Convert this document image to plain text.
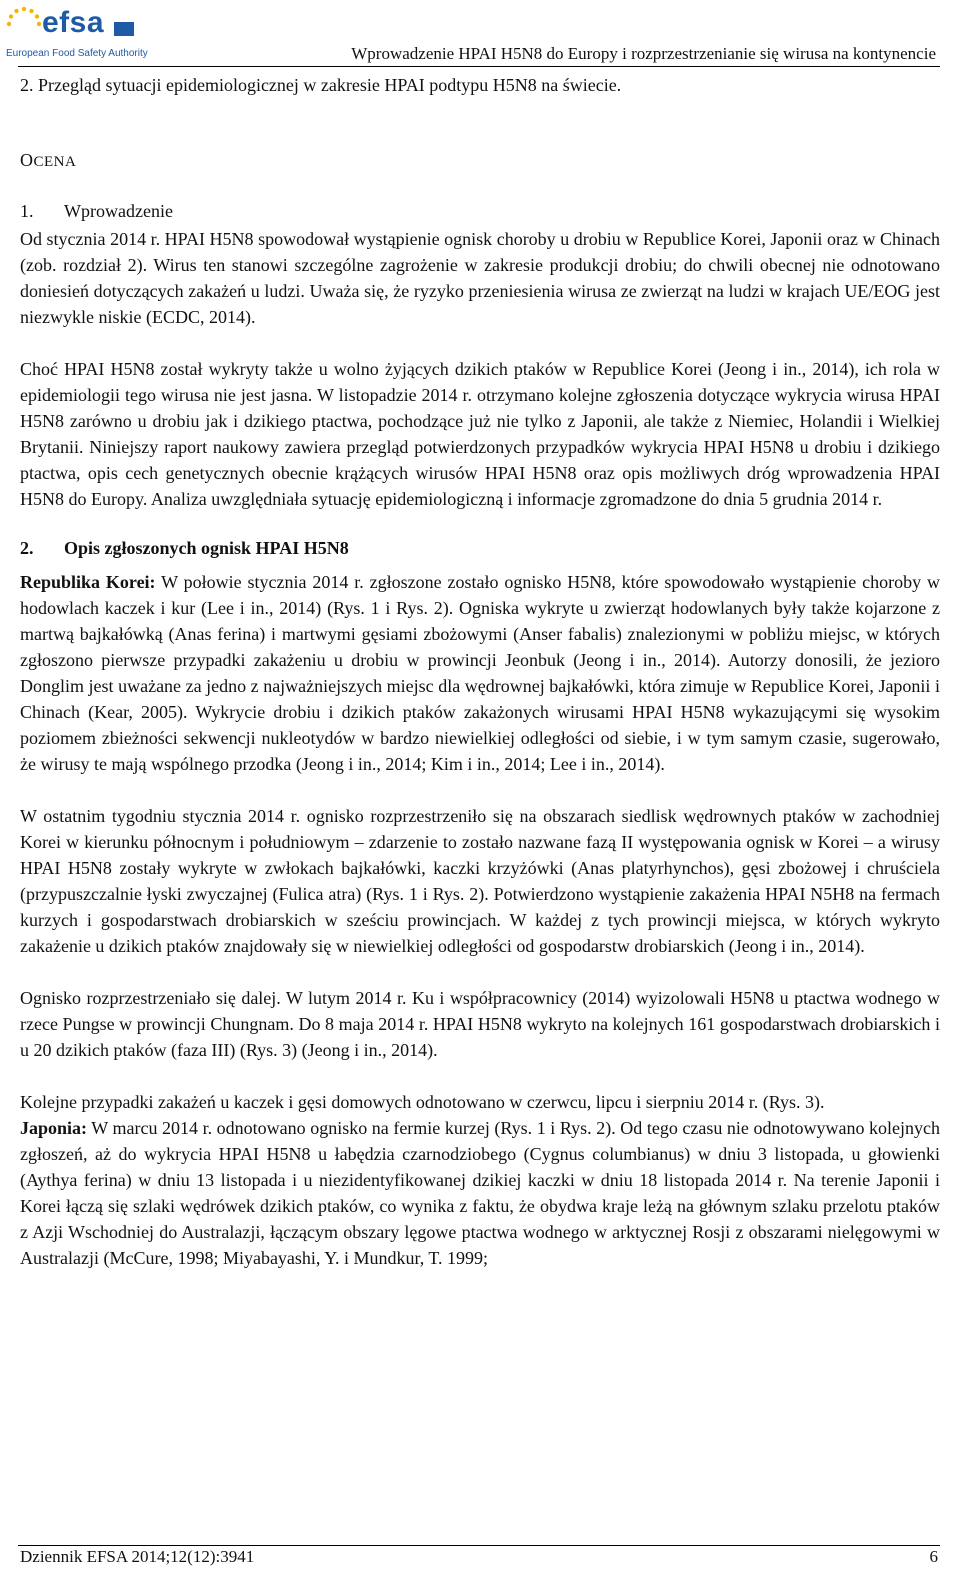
efsa
European Food Safety Authority	Wprowadzenie HPAI H5N8 do Europy i rozprzestrzenianie się wirusa na kontynencie

2. Przegląd sytuacji epidemiologicznej w zakresie HPAI podtypu H5N8 na świecie.

OCENA

1. Wprowadzenie

Od stycznia 2014 r. HPAI H5N8 spowodował wystąpienie ognisk choroby u drobiu w Republice Korei, Japonii oraz w Chinach (zob. rozdział 2). Wirus ten stanowi szczególne zagrożenie w zakresie produkcji drobiu; do chwili obecnej nie odnotowano doniesień dotyczących zakażeń u ludzi. Uważa się, że ryzyko przeniesienia wirusa ze zwierząt na ludzi w krajach UE/EOG jest niezwykle niskie (ECDC, 2014).

Choć HPAI H5N8 został wykryty także u wolno żyjących dzikich ptaków w Republice Korei (Jeong i in., 2014), ich rola w epidemiologii tego wirusa nie jest jasna. W listopadzie 2014 r. otrzymano kolejne zgłoszenia dotyczące wykrycia wirusa HPAI H5N8 zarówno u drobiu jak i dzikiego ptactwa, pochodzące już nie tylko z Japonii, ale także z Niemiec, Holandii i Wielkiej Brytanii. Niniejszy raport naukowy zawiera przegląd potwierdzonych przypadków wykrycia HPAI H5N8 u drobiu i dzikiego ptactwa, opis cech genetycznych obecnie krążących wirusów HPAI H5N8 oraz opis możliwych dróg wprowadzenia HPAI H5N8 do Europy. Analiza uwzględniała sytuację epidemiologiczną i informacje zgromadzone do dnia 5 grudnia 2014 r.

2. Opis zgłoszonych ognisk HPAI H5N8

Republika Korei: W połowie stycznia 2014 r. zgłoszone zostało ognisko H5N8, które spowodowało wystąpienie choroby w hodowlach kaczek i kur (Lee i in., 2014) (Rys. 1 i Rys. 2). Ogniska wykryte u zwierząt hodowlanych były także kojarzone z martwą bajkałówką (Anas ferina) i martwymi gęsiami zbożowymi (Anser fabalis) znalezionymi w pobliżu miejsc, w których zgłoszono pierwsze przypadki zakażeniu u drobiu w prowincji Jeonbuk (Jeong i in., 2014). Autorzy donosili, że jezioro Donglim jest uważane za jedno z najważniejszych miejsc dla wędrownej bajkałówki, która zimuje w Republice Korei, Japonii i Chinach (Kear, 2005). Wykrycie drobiu i dzikich ptaków zakażonych wirusami HPAI H5N8 wykazującymi się wysokim poziomem zbieżności sekwencji nukleotydów w bardzo niewielkiej odległości od siebie, i w tym samym czasie, sugerowało, że wirusy te mają wspólnego przodka (Jeong i in., 2014; Kim i in., 2014; Lee i in., 2014).

W ostatnim tygodniu stycznia 2014 r. ognisko rozprzestrzeniło się na obszarach siedlisk wędrownych ptaków w zachodniej Korei w kierunku północnym i południowym – zdarzenie to zostało nazwane fazą II występowania ognisk w Korei – a wirusy HPAI H5N8 zostały wykryte w zwłokach bajkałówki, kaczki krzyżówki (Anas platyrhynchos), gęsi zbożowej i chruściela (przypuszczalnie łyski zwyczajnej (Fulica atra) (Rys. 1 i Rys. 2). Potwierdzono wystąpienie zakażenia HPAI N5H8 na fermach kurzych i gospodarstwach drobiarskich w sześciu prowincjach. W każdej z tych prowincji miejsca, w których wykryto zakażenie u dzikich ptaków znajdowały się w niewielkiej odległości od gospodarstw drobiarskich (Jeong i in., 2014).

Ognisko rozprzestrzeniało się dalej. W lutym 2014 r. Ku i współpracownicy (2014) wyizolowali H5N8 u ptactwa wodnego w rzece Pungse w prowincji Chungnam. Do 8 maja 2014 r. HPAI H5N8 wykryto na kolejnych 161 gospodarstwach drobiarskich i u 20 dzikich ptaków (faza III) (Rys. 3) (Jeong i in., 2014).

Kolejne przypadki zakażeń u kaczek i gęsi domowych odnotowano w czerwcu, lipcu i sierpniu 2014 r. (Rys. 3).

Japonia: W marcu 2014 r. odnotowano ognisko na fermie kurzej (Rys. 1 i Rys. 2). Od tego czasu nie odnotowywano kolejnych zgłoszeń, aż do wykrycia HPAI H5N8 u łabędzia czarnodziobego (Cygnus columbianus) w dniu 3 listopada, u głowienki (Aythya ferina) w dniu 13 listopada i u niezidentyfikowanej dzikiej kaczki w dniu 18 listopada 2014 r. Na terenie Japonii i Korei łączą się szlaki wędrówek dzikich ptaków, co wynika z faktu, że obydwa kraje leżą na głównym szlaku przelotu ptaków z Azji Wschodniej do Australazji, łączącym obszary lęgowe ptactwa wodnego w arktycznej Rosji z obszarami nielęgowymi w Australazji (McCure, 1998; Miyabayashi, Y. i Mundkur, T. 1999;

Dziennik EFSA 2014;12(12):3941	6
